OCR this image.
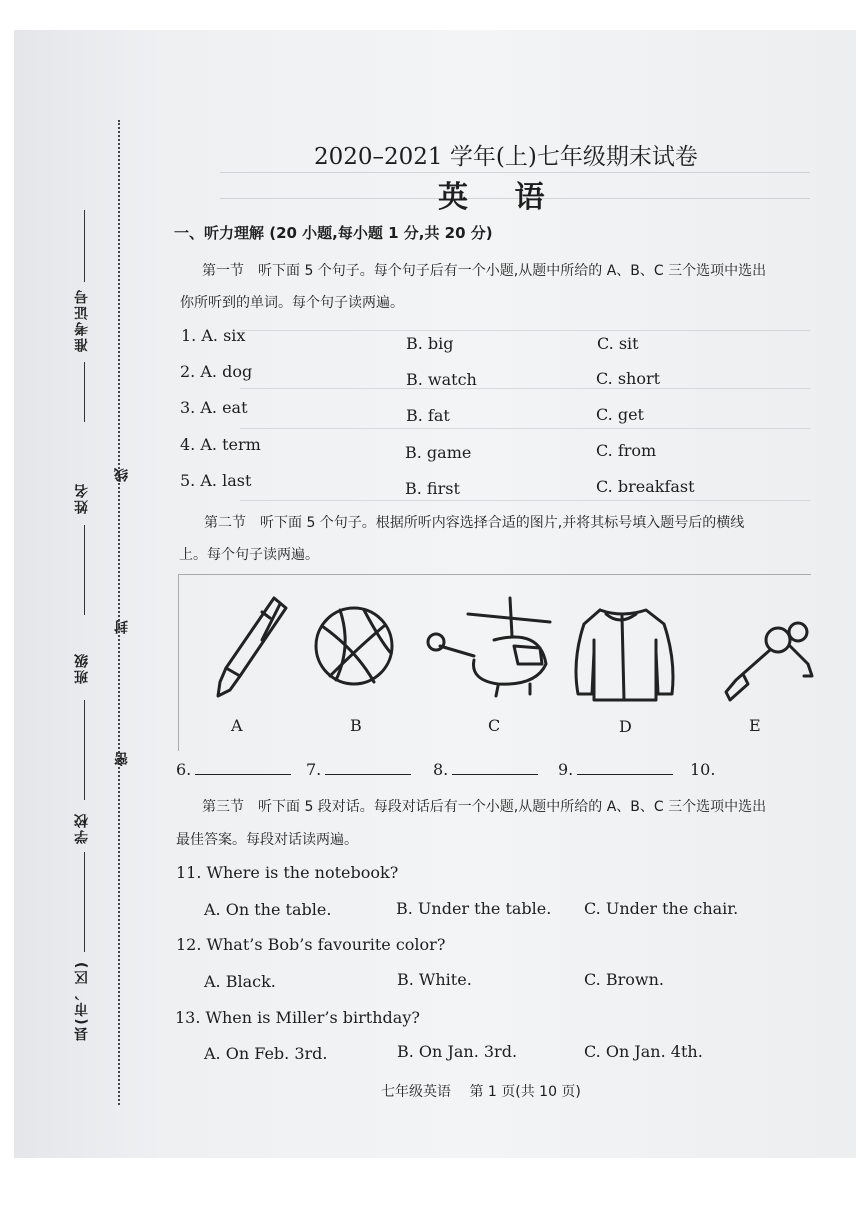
线
封
密
准考证号
姓名
班级
学校
县(市、区)
2020–2021 学年(上)七年级期末试卷
英 语
一、听力理解 (20 小题,每小题 1 分,共 20 分)
第一节　听下面 5 个句子。每个句子后有一个小题,从题中所给的 A、B、C 三个选项中选出
你所听到的单词。每个句子读两遍。
1. A. six	B. big	C. sit
2. A. dog	B. watch	C. short
3. A. eat	B. fat	C. get
4. A. term	B. game	C. from
5. A. last	B. first	C. breakfast
第二节　听下面 5 个句子。根据所听内容选择合适的图片,并将其标号填入题号后的横线
上。每个句子读两遍。
A	B	C	D	E
6.	7.	8.	9.	10.
第三节　听下面 5 段对话。每段对话后有一个小题,从题中所给的 A、B、C 三个选项中选出
最佳答案。每段对话读两遍。
11. Where is the notebook?
A. On the table.	B. Under the table. C. Under the chair.
12. What’s Bob’s favourite color?
A. Black.	B. White.	C. Brown.
13. When is Miller’s birthday?
A. On Feb. 3rd.	B. On Jan. 3rd.	C. On Jan. 4th.
七年级英语　 第 1 页(共 10 页)
